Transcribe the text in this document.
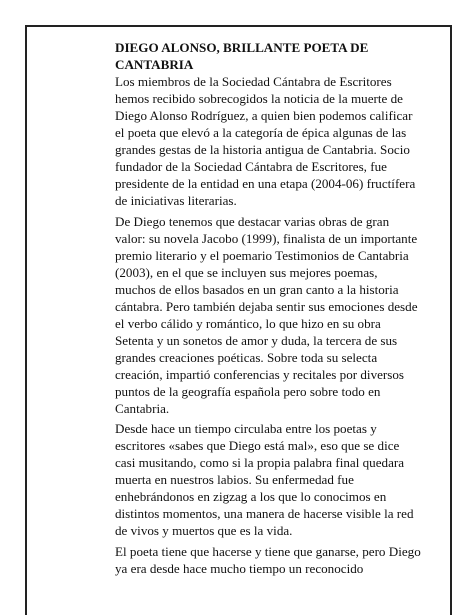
DIEGO ALONSO, BRILLANTE POETA DE CANTABRIA

Los miembros de la Sociedad Cántabra de Escritores hemos recibido sobrecogidos la noticia de la muerte de Diego Alonso Rodríguez, a quien bien podemos calificar el poeta que elevó a la categoría de épica algunas de las grandes gestas de la historia antigua de Cantabria. Socio fundador de la Sociedad Cántabra de Escritores, fue presidente de la entidad en una etapa (2004-06) fructífera de iniciativas literarias.

De Diego tenemos que destacar varias obras de gran valor: su novela Jacobo (1999), finalista de un importante premio literario y el poemario Testimonios de Cantabria (2003), en el que se incluyen sus mejores poemas, muchos de ellos basados en un gran canto a la historia cántabra. Pero también dejaba sentir sus emociones desde el verbo cálido y romántico, lo que hizo en su obra Setenta y un sonetos de amor y duda, la tercera de sus grandes creaciones poéticas. Sobre toda su selecta creación, impartió conferencias y recitales por diversos puntos de la geografía española pero sobre todo en Cantabria.

Desde hace un tiempo circulaba entre los poetas y escritores «sabes que Diego está mal», eso que se dice casi musitando, como si la propia palabra final quedara muerta en nuestros labios. Su enfermedad fue enhebrándonos en zigzag a los que lo conocimos en distintos momentos, una manera de hacerse visible la red de vivos y muertos que es la vida.

El poeta tiene que hacerse y tiene que ganarse, pero Diego ya era desde hace mucho tiempo un reconocido
